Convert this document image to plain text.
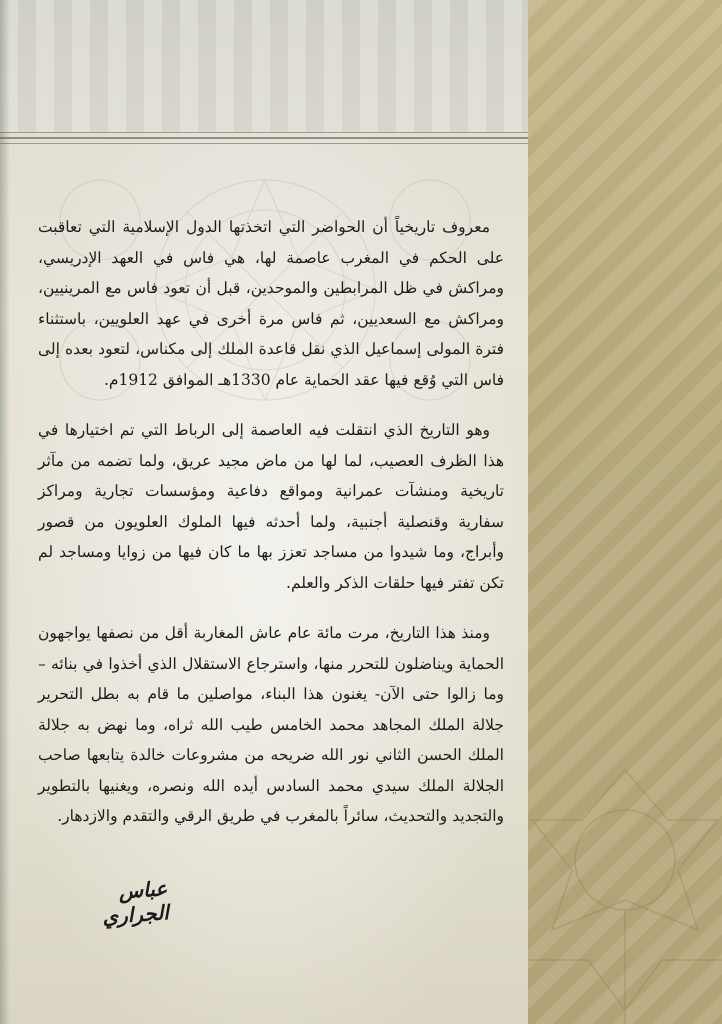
معروف تاريخياً أن الحواضر التي اتخذتها الدول الإسلامية التي تعاقبت على الحكم في المغرب عاصمة لها، هي فاس في العهد الإدريسي، ومراكش في ظل المرابطين والموحدين، قبل أن تعود فاس مع المرينيين، ومراكش مع السعديين، ثم فاس مرة أخرى في عهد العلويين، باستثناء فترة المولى إسماعيل الذي نقل قاعدة الملك إلى مكناس، لتعود بعده إلى فاس التي وُقع فيها عقد الحماية عام 1330هـ الموافق 1912م.

وهو التاريخ الذي انتقلت فيه العاصمة إلى الرباط التي تم اختيارها في هذا الظرف العصيب، لما لها من ماض مجيد عريق، ولما تضمه من مآثر تاريخية ومنشآت عمرانية ومواقع دفاعية ومؤسسات تجارية ومراكز سفارية وقنصلية أجنبية، ولما أحدثه فيها الملوك العلويون من قصور وأبراج، وما شيدوا من مساجد تعزز بها ما كان فيها من زوايا ومساجد لم تكن تفتر فيها حلقات الذكر والعلم.

ومنذ هذا التاريخ، مرت مائة عام عاش المغاربة أقل من نصفها يواجهون الحماية ويناضلون للتحرر منها، واسترجاع الاستقلال الذي أخذوا في بنائه – وما زالوا حتى الآن- يغنون هذا البناء، مواصلين ما قام به بطل التحرير جلالة الملك المجاهد محمد الخامس طيب الله ثراه، وما نهض به جلالة الملك الحسن الثاني نور الله ضريحه من مشروعات خالدة يتابعها صاحب الجلالة الملك سيدي محمد السادس أيده الله ونصره، ويغنيها بالتطوير والتجديد والتحديث، سائراً بالمغرب في طريق الرقي والتقدم والازدهار.

عباس الجراري
